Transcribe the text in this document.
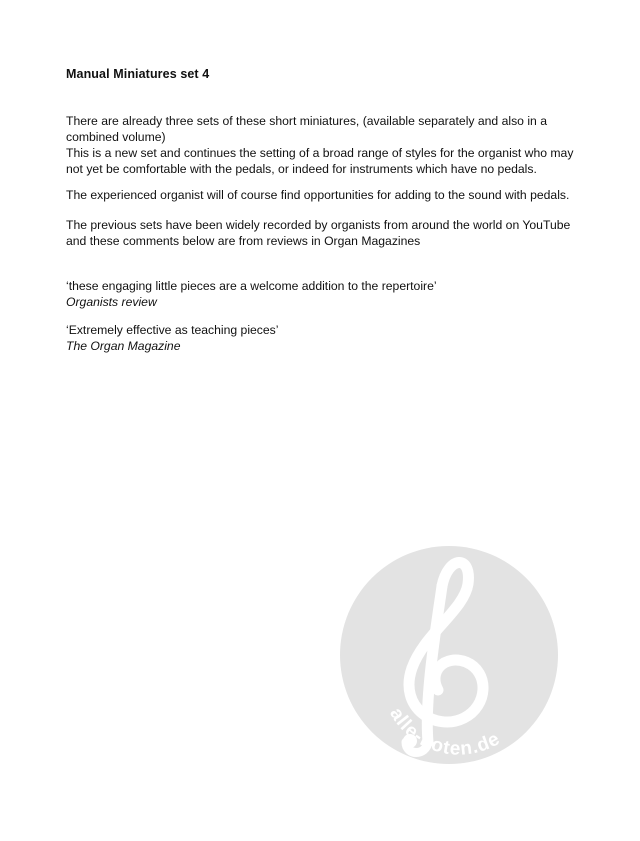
Manual Miniatures set 4
There are already three sets of these short miniatures, (available separately and also in a
combined volume)
This is a new set and continues the setting of a broad range of styles for the organist who may
not yet be comfortable with the pedals, or indeed for instruments which have no pedals.
The experienced organist will of course find opportunities for adding to the sound with pedals.
The previous sets have been widely recorded by organists from around the world on YouTube
and these comments below are from reviews in Organ Magazines
‘these engaging little pieces are a welcome addition to the repertoire’
Organists review
‘Extremely effective as teaching pieces’
The Organ Magazine
alle-noten.de
